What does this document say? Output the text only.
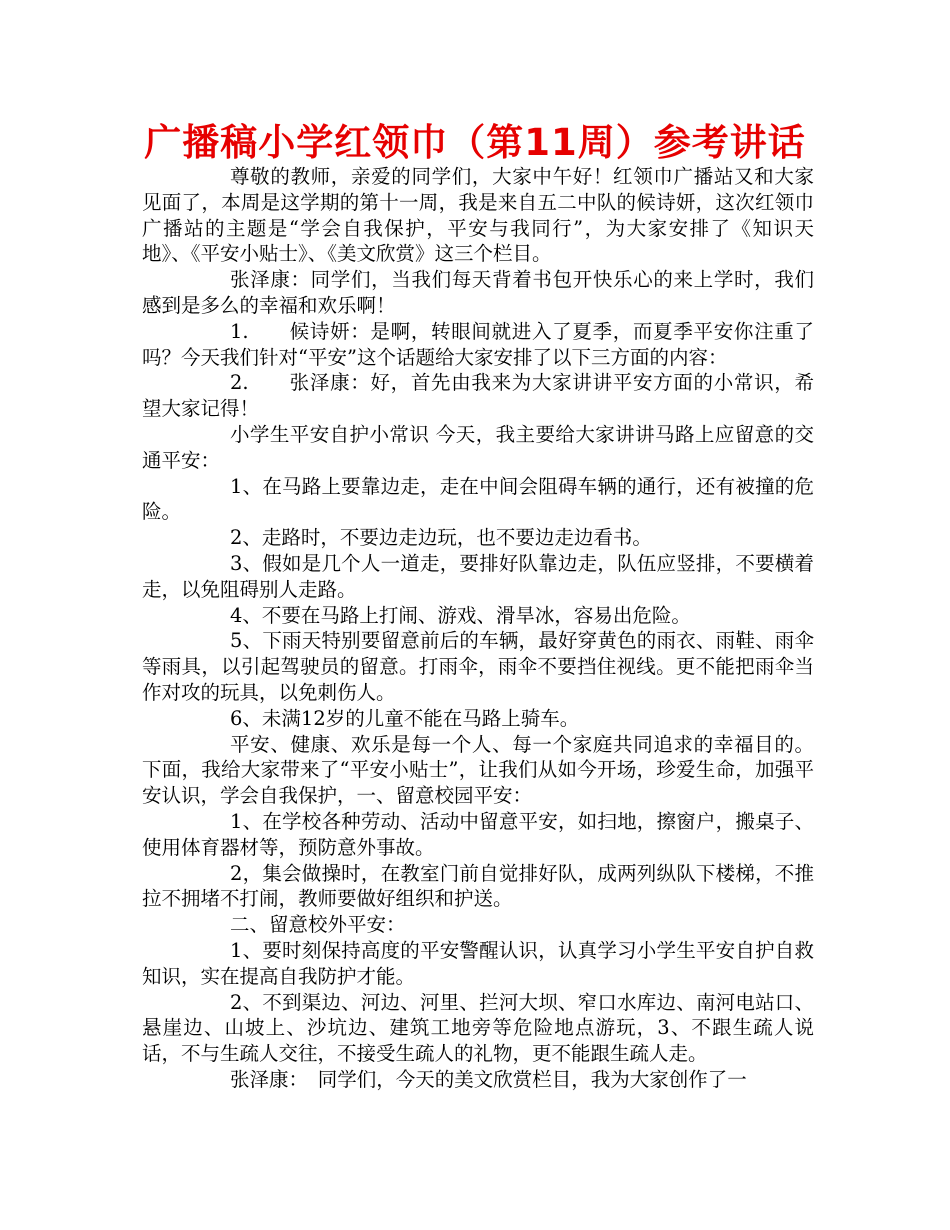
广播稿小学红领巾（第11周）参考讲话

尊敬的教师，亲爱的同学们，大家中午好！红领巾广播站又和大家见面了，本周是这学期的第十一周，我是来自五二中队的候诗妍，这次红领巾广播站的主题是“学会自我保护，平安与我同行”，为大家安排了《知识天地》、《平安小贴士》、《美文欣赏》这三个栏目。

张泽康：同学们，当我们每天背着书包开快乐心的来上学时，我们感到是多么的幸福和欢乐啊！

1.　　候诗妍：是啊，转眼间就进入了夏季，而夏季平安你注重了吗？今天我们针对“平安”这个话题给大家安排了以下三方面的内容：

2.　　张泽康：好，首先由我来为大家讲讲平安方面的小常识，希望大家记得！

小学生平安自护小常识 今天，我主要给大家讲讲马路上应留意的交通平安：

1、在马路上要靠边走，走在中间会阻碍车辆的通行，还有被撞的危险。

2、走路时，不要边走边玩，也不要边走边看书。

3、假如是几个人一道走，要排好队靠边走，队伍应竖排，不要横着走，以免阻碍别人走路。

4、不要在马路上打闹、游戏、滑旱冰，容易出危险。

5、下雨天特别要留意前后的车辆，最好穿黄色的雨衣、雨鞋、雨伞等雨具，以引起驾驶员的留意。打雨伞，雨伞不要挡住视线。更不能把雨伞当作对攻的玩具，以免刺伤人。

6、未满12岁的儿童不能在马路上骑车。

平安、健康、欢乐是每一个人、每一个家庭共同追求的幸福目的。下面，我给大家带来了“平安小贴士”，让我们从如今开场，珍爱生命，加强平安认识，学会自我保护，一、留意校园平安：

1、在学校各种劳动、活动中留意平安，如扫地，擦窗户，搬桌子、使用体育器材等，预防意外事故。

2，集会做操时，在教室门前自觉排好队，成两列纵队下楼梯，不推拉不拥堵不打闹，教师要做好组织和护送。

二、留意校外平安：

1、要时刻保持高度的平安警醒认识，认真学习小学生平安自护自救知识，实在提高自我防护才能。

2、不到渠边、河边、河里、拦河大坝、窄口水库边、南河电站口、悬崖边、山坡上、沙坑边、建筑工地旁等危险地点游玩，3、不跟生疏人说话，不与生疏人交往，不接受生疏人的礼物，更不能跟生疏人走。

张泽康：　同学们，今天的美文欣赏栏目，我为大家创作了一
